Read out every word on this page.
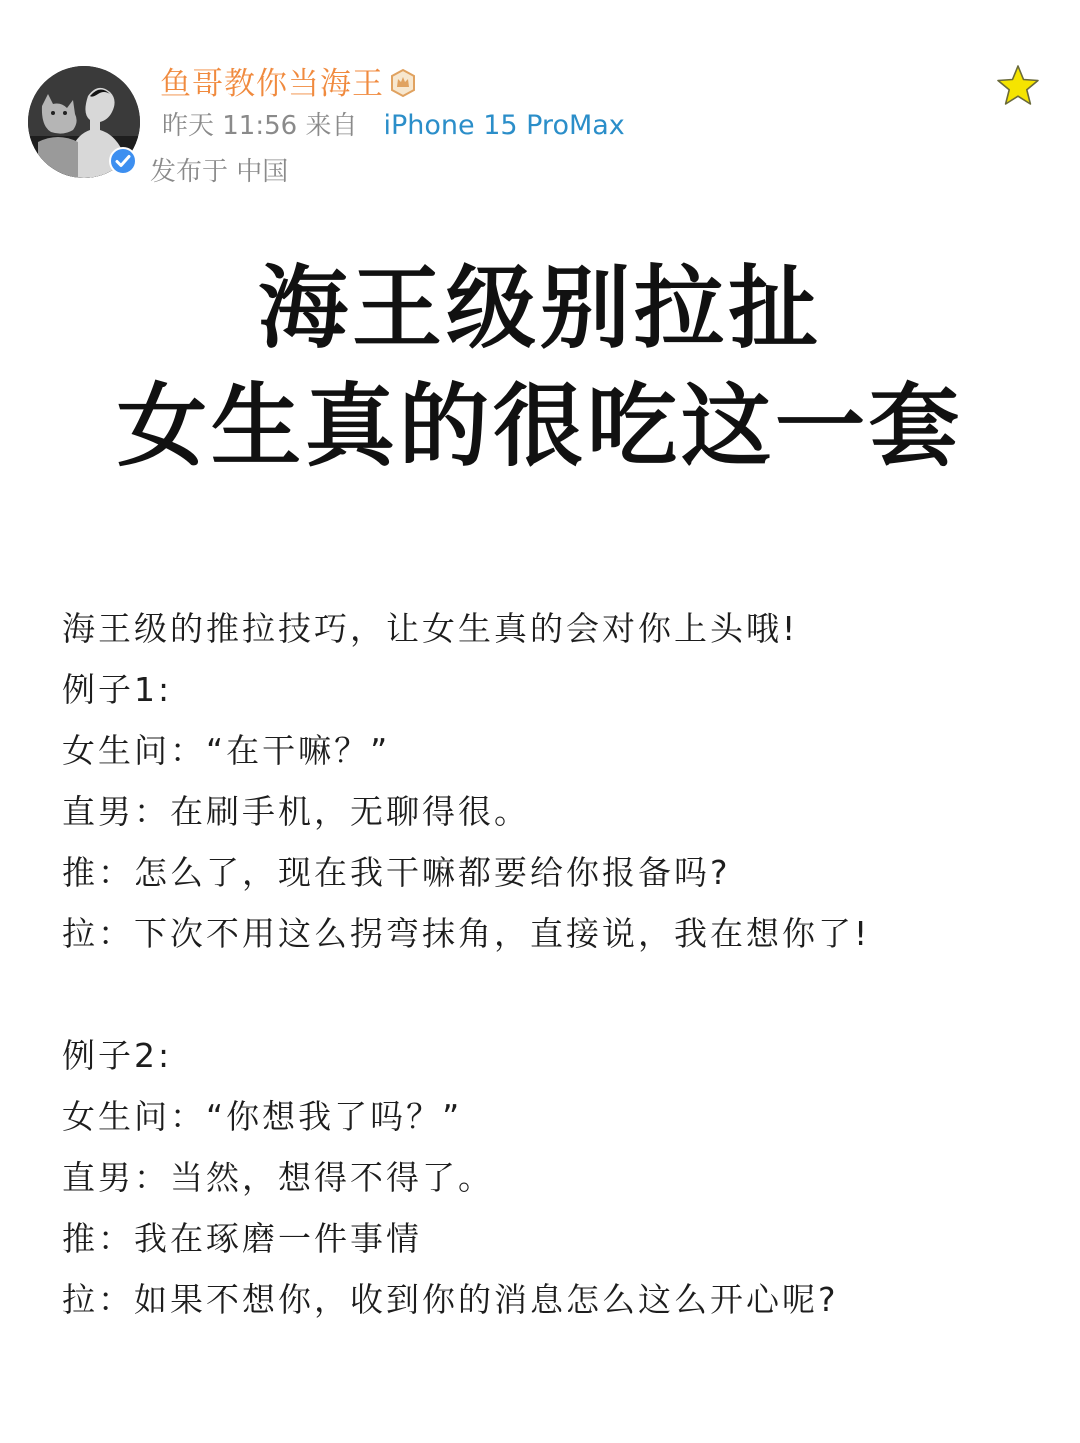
鱼哥教你当海王
昨天 11:56 来自 iPhone 15 ProMax
发布于 中国
海王级别拉扯
女生真的很吃这一套
海王级的推拉技巧，让女生真的会对你上头哦!
例子1:
女生问：“在干嘛？”
直男：在刷手机，无聊得很。
推：怎么了，现在我干嘛都要给你报备吗?
拉：下次不用这么拐弯抹角，直接说，我在想你了!
例子2:
女生问：“你想我了吗？”
直男：当然，想得不得了。
推：我在琢磨一件事情
拉：如果不想你，收到你的消息怎么这么开心呢?
